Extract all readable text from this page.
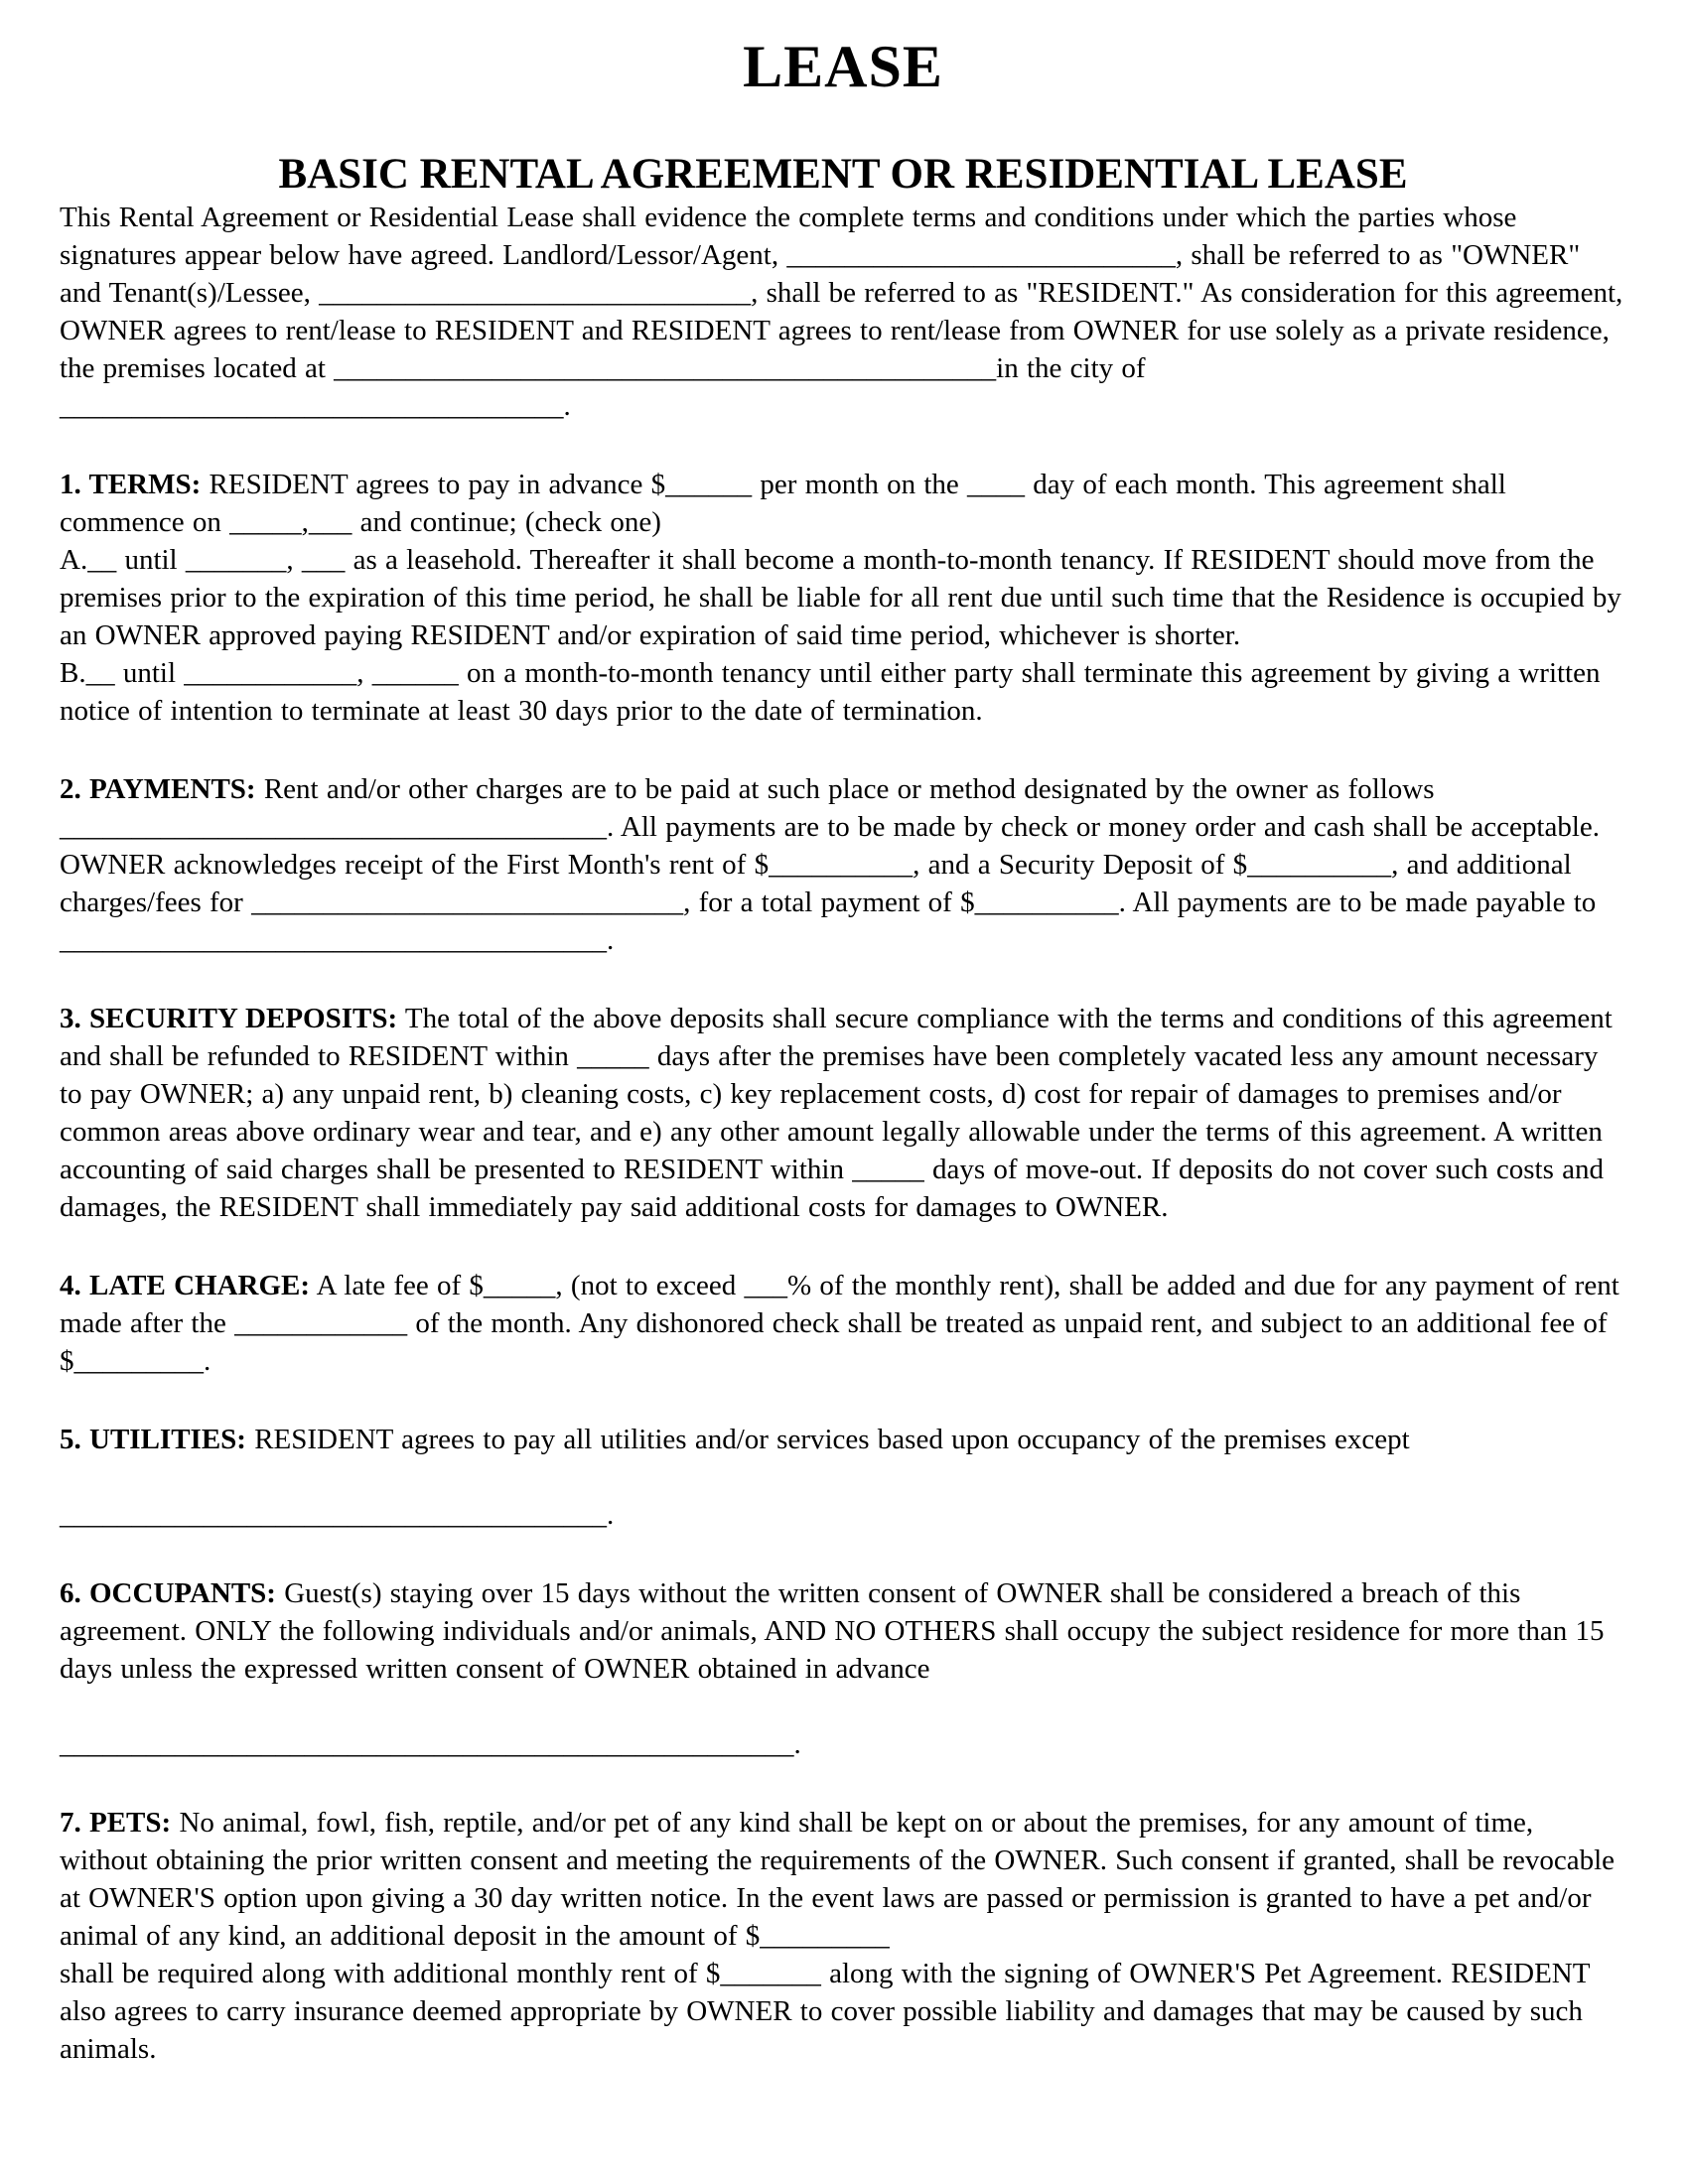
LEASE
BASIC RENTAL AGREEMENT OR RESIDENTIAL LEASE

This Rental Agreement or Residential Lease shall evidence the complete terms and conditions under which the parties whose signatures appear below have agreed. Landlord/Lessor/Agent, ___________________________, shall be referred to as "OWNER" and Tenant(s)/Lessee, ______________________________, shall be referred to as "RESIDENT." As consideration for this agreement, OWNER agrees to rent/lease to RESIDENT and RESIDENT agrees to rent/lease from OWNER for use solely as a private residence, the premises located at ______________________________________________in the city of ___________________________________.

1. TERMS: RESIDENT agrees to pay in advance $______ per month on the ____ day of each month. This agreement shall commence on _____,___ and continue; (check one)

A.__ until _______, ___ as a leasehold. Thereafter it shall become a month-to-month tenancy. If RESIDENT should move from the premises prior to the expiration of this time period, he shall be liable for all rent due until such time that the Residence is occupied by an OWNER approved paying RESIDENT and/or expiration of said time period, whichever is shorter.

B.__ until ____________, ______ on a month-to-month tenancy until either party shall terminate this agreement by giving a written notice of intention to terminate at least 30 days prior to the date of termination.

2. PAYMENTS: Rent and/or other charges are to be paid at such place or method designated by the owner as follows ______________________________________. All payments are to be made by check or money order and cash shall be acceptable. OWNER acknowledges receipt of the First Month's rent of $__________, and a Security Deposit of $__________, and additional charges/fees for ______________________________, for a total payment of $__________. All payments are to be made payable to ______________________________________.

3. SECURITY DEPOSITS: The total of the above deposits shall secure compliance with the terms and conditions of this agreement and shall be refunded to RESIDENT within _____ days after the premises have been completely vacated less any amount necessary to pay OWNER; a) any unpaid rent, b) cleaning costs, c) key replacement costs, d) cost for repair of damages to premises and/or common areas above ordinary wear and tear, and e) any other amount legally allowable under the terms of this agreement. A written accounting of said charges shall be presented to RESIDENT within _____ days of move-out. If deposits do not cover such costs and damages, the RESIDENT shall immediately pay said additional costs for damages to OWNER.

4. LATE CHARGE: A late fee of $_____, (not to exceed ___% of the monthly rent), shall be added and due for any payment of rent made after the ____________ of the month. Any dishonored check shall be treated as unpaid rent, and subject to an additional fee of $_________.

5. UTILITIES: RESIDENT agrees to pay all utilities and/or services based upon occupancy of the premises except

______________________________________.

6. OCCUPANTS: Guest(s) staying over 15 days without the written consent of OWNER shall be considered a breach of this agreement. ONLY the following individuals and/or animals, AND NO OTHERS shall occupy the subject residence for more than 15 days unless the expressed written consent of OWNER obtained in advance

___________________________________________________.

7. PETS: No animal, fowl, fish, reptile, and/or pet of any kind shall be kept on or about the premises, for any amount of time, without obtaining the prior written consent and meeting the requirements of the OWNER. Such consent if granted, shall be revocable at OWNER'S option upon giving a 30 day written notice. In the event laws are passed or permission is granted to have a pet and/or animal of any kind, an additional deposit in the amount of $_________

shall be required along with additional monthly rent of $_______ along with the signing of OWNER'S Pet Agreement. RESIDENT also agrees to carry insurance deemed appropriate by OWNER to cover possible liability and damages that may be caused by such animals.
